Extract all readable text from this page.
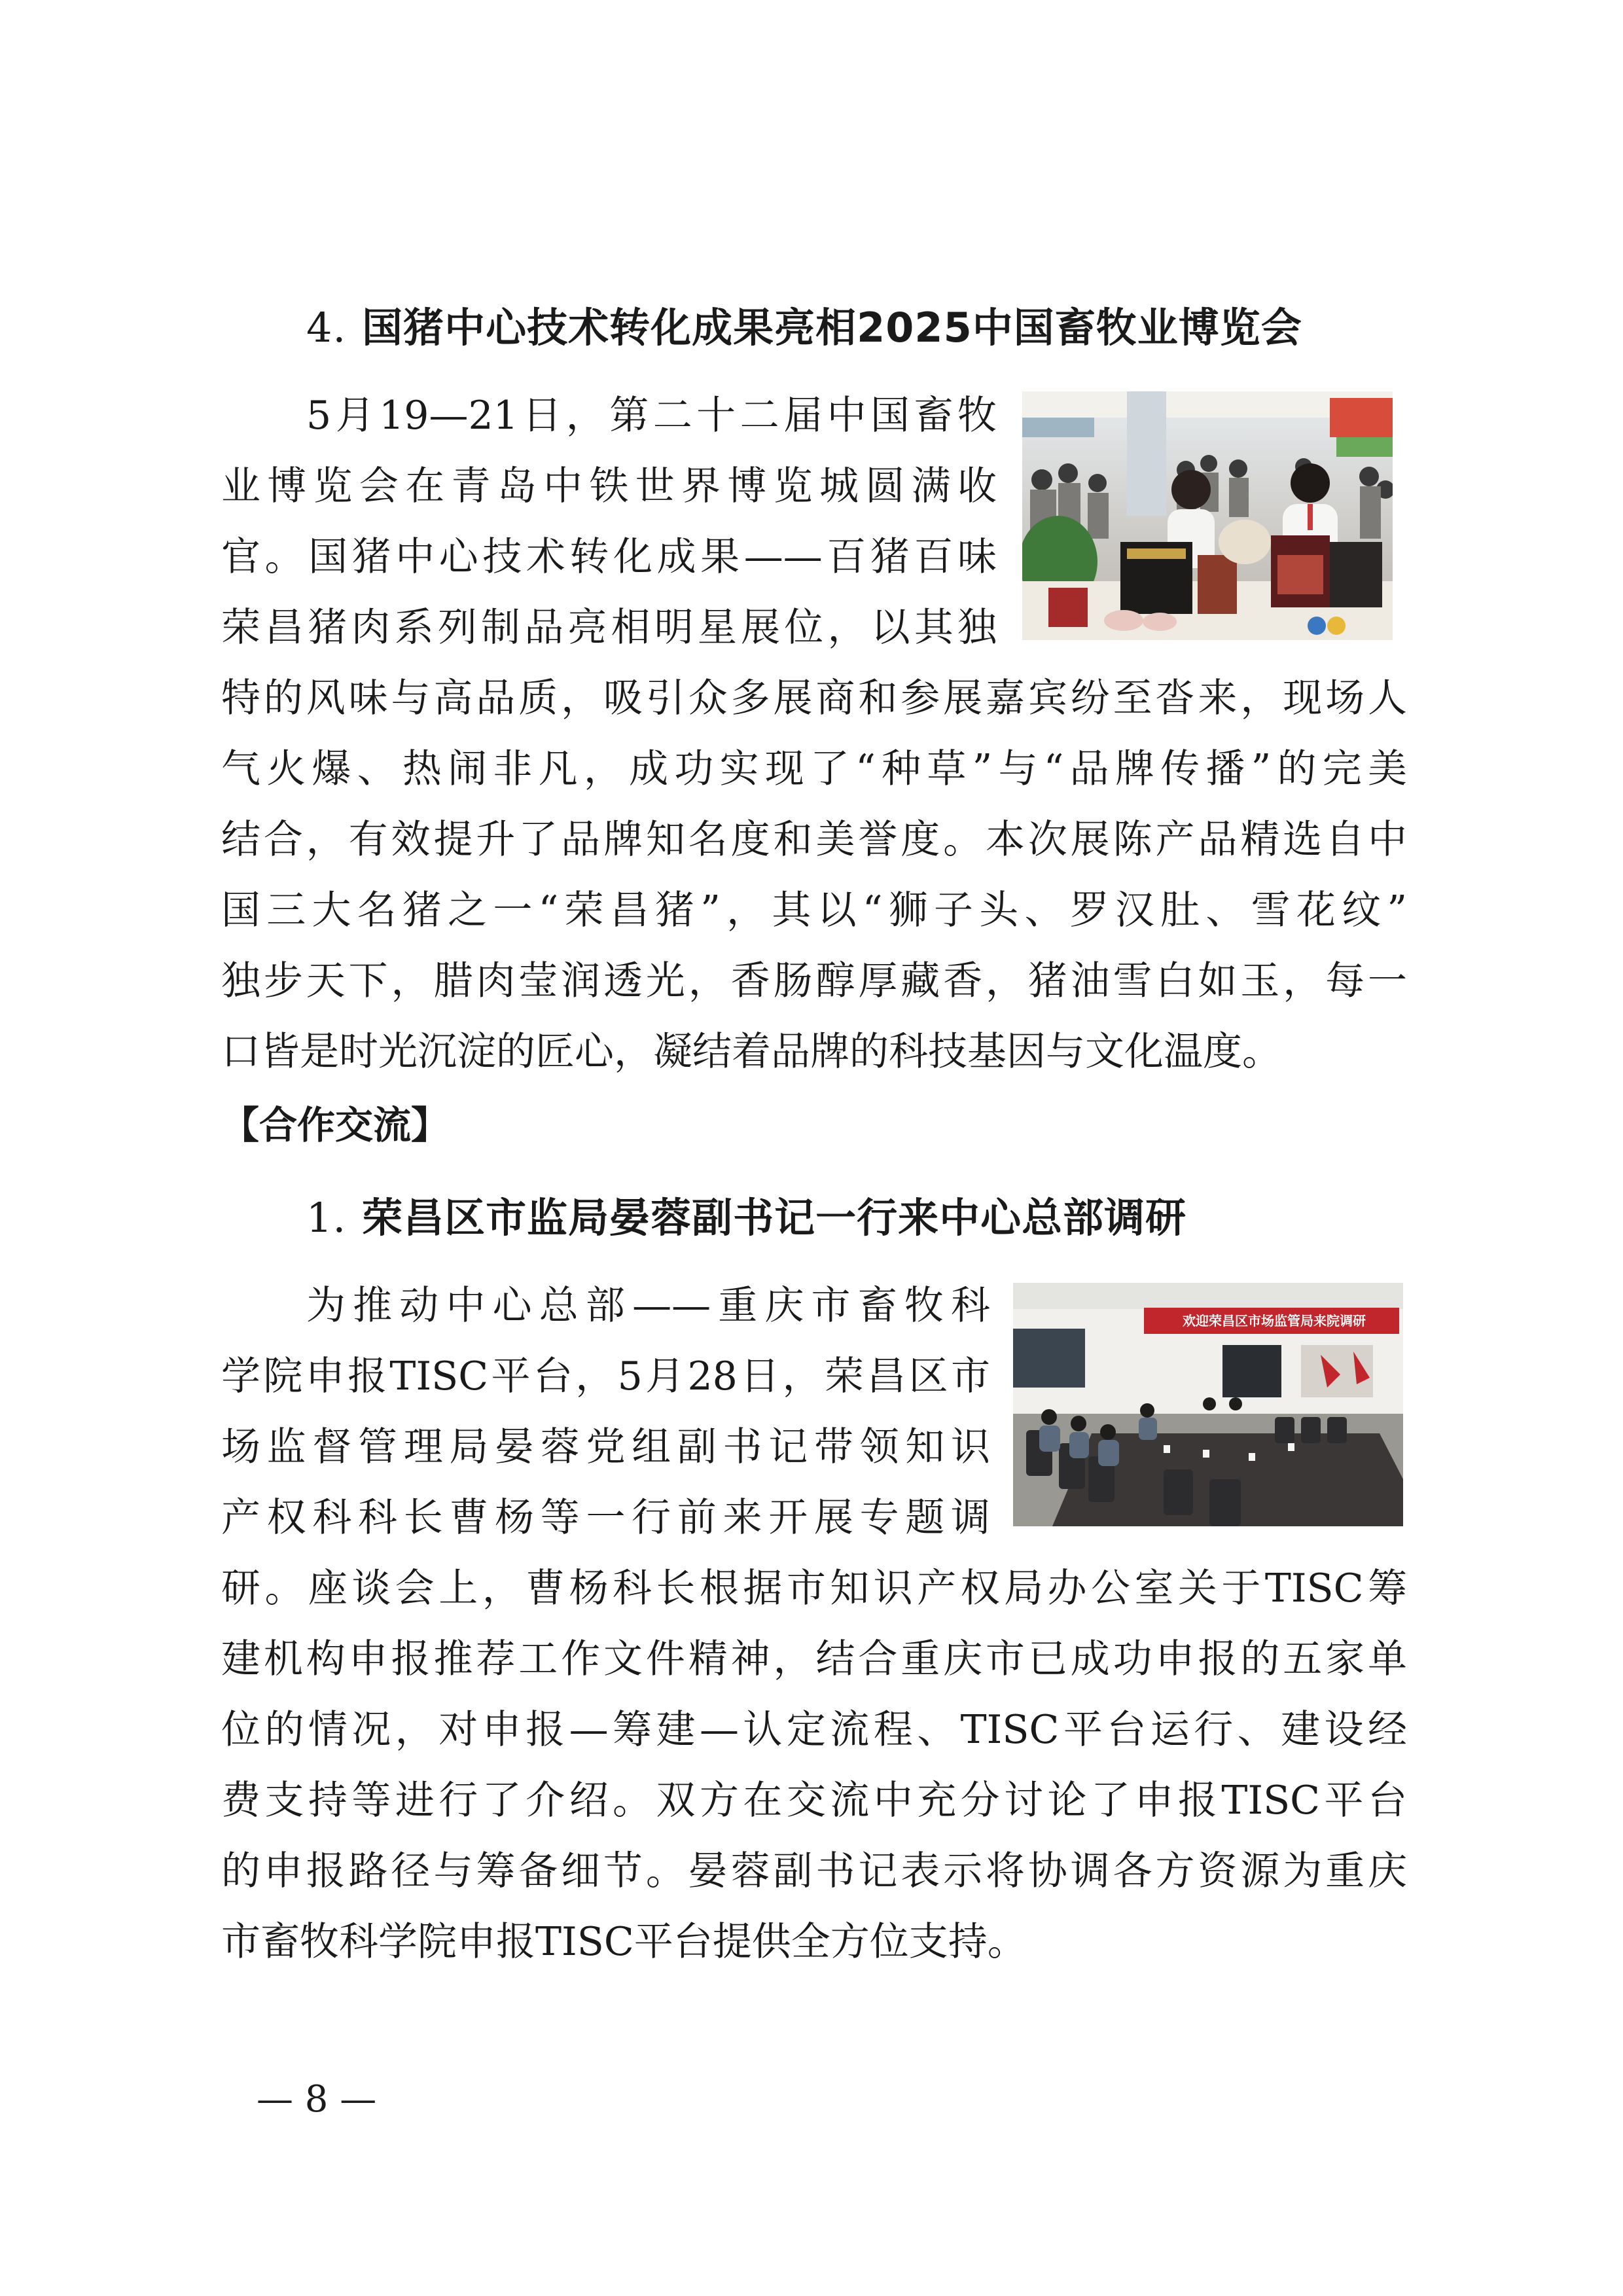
4. 国猪中心技术转化成果亮相2025中国畜牧业博览会
5月19—21日，第二十二届中国畜牧
业博览会在青岛中铁世界博览城圆满收
官。国猪中心技术转化成果——百猪百味
荣昌猪肉系列制品亮相明星展位，以其独
特的风味与高品质，吸引众多展商和参展嘉宾纷至沓来，现场人
气火爆、热闹非凡，成功实现了“种草”与“品牌传播”的完美
结合，有效提升了品牌知名度和美誉度。本次展陈产品精选自中
国三大名猪之一“荣昌猪”，其以“狮子头、罗汉肚、雪花纹”
独步天下，腊肉莹润透光，香肠醇厚藏香，猪油雪白如玉，每一
口皆是时光沉淀的匠心，凝结着品牌的科技基因与文化温度。
【合作交流】
1. 荣昌区市监局晏蓉副书记一行来中心总部调研
为推动中心总部——重庆市畜牧科
学院申报TISC平台，5月28日，荣昌区市
场监督管理局晏蓉党组副书记带领知识
产权科科长曹杨等一行前来开展专题调
研。座谈会上，曹杨科长根据市知识产权局办公室关于TISC筹
建机构申报推荐工作文件精神，结合重庆市已成功申报的五家单
位的情况，对申报—筹建—认定流程、TISC平台运行、建设经
费支持等进行了介绍。双方在交流中充分讨论了申报TISC平台
的申报路径与筹备细节。晏蓉副书记表示将协调各方资源为重庆
市畜牧科学院申报TISC平台提供全方位支持。
欢迎荣昌区市场监管局来院调研
— 8 —
